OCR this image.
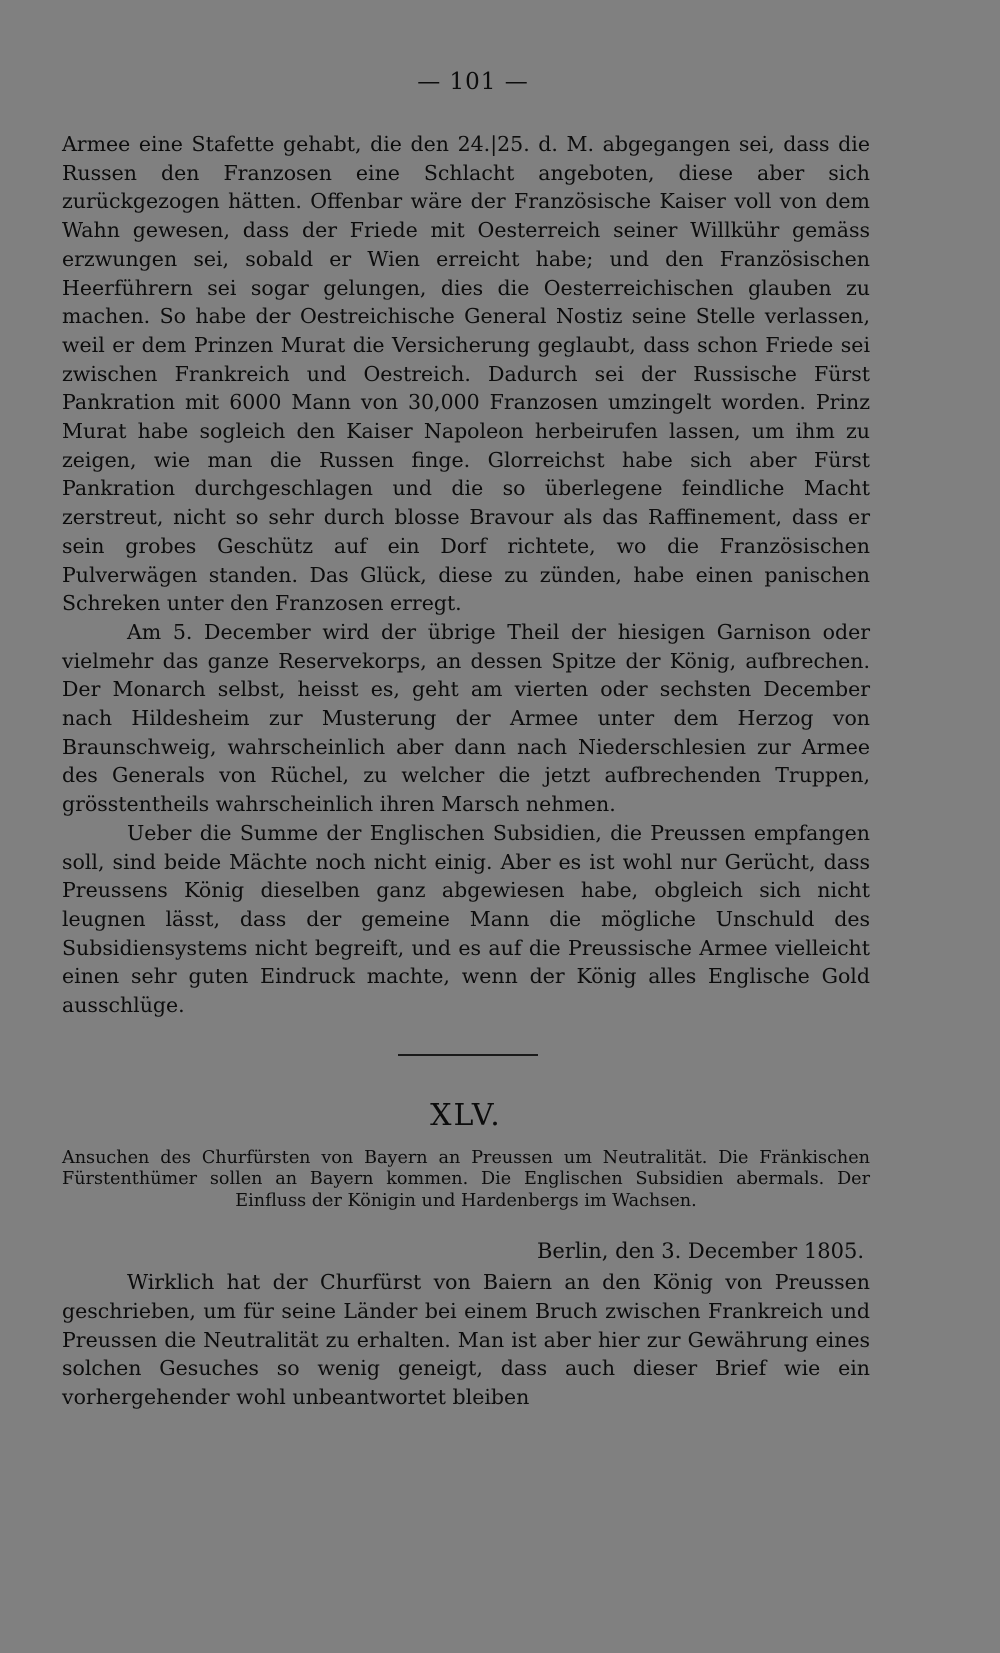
— 101 —

Armee eine Stafette gehabt, die den 24.|25. d. M. abgegangen sei, dass die Russen den Franzosen eine Schlacht angeboten, diese aber sich zurückgezogen hätten. Offenbar wäre der Französische Kaiser voll von dem Wahn gewesen, dass der Friede mit Oesterreich seiner Willkühr gemäss erzwungen sei, sobald er Wien erreicht habe; und den Französischen Heerführern sei sogar gelungen, dies die Oesterreichischen glauben zu machen. So habe der Oestreichische General Nostiz seine Stelle verlassen, weil er dem Prinzen Murat die Versicherung geglaubt, dass schon Friede sei zwischen Frankreich und Oestreich. Dadurch sei der Russische Fürst Pankration mit 6000 Mann von 30,000 Franzosen umzingelt worden. Prinz Murat habe sogleich den Kaiser Napoleon herbeirufen lassen, um ihm zu zeigen, wie man die Russen finge. Glorreichst habe sich aber Fürst Pankration durchgeschlagen und die so überlegene feindliche Macht zerstreut, nicht so sehr durch blosse Bravour als das Raffinement, dass er sein grobes Geschütz auf ein Dorf richtete, wo die Französischen Pulverwägen standen. Das Glück, diese zu zünden, habe einen panischen Schreken unter den Franzosen erregt.

Am 5. December wird der übrige Theil der hiesigen Garnison oder vielmehr das ganze Reservekorps, an dessen Spitze der König, aufbrechen. Der Monarch selbst, heisst es, geht am vierten oder sechsten December nach Hildesheim zur Musterung der Armee unter dem Herzog von Braunschweig, wahrscheinlich aber dann nach Niederschlesien zur Armee des Generals von Rüchel, zu welcher die jetzt aufbrechenden Truppen, grösstentheils wahrscheinlich ihren Marsch nehmen.

Ueber die Summe der Englischen Subsidien, die Preussen empfangen soll, sind beide Mächte noch nicht einig. Aber es ist wohl nur Gerücht, dass Preussens König dieselben ganz abgewiesen habe, obgleich sich nicht leugnen lässt, dass der gemeine Mann die mögliche Unschuld des Subsidiensystems nicht begreift, und es auf die Preussische Armee vielleicht einen sehr guten Eindruck machte, wenn der König alles Englische Gold ausschlüge.

XLV.
Ansuchen des Churfürsten von Bayern an Preussen um Neutralität. Die Fränkischen Fürstenthümer sollen an Bayern kommen. Die Englischen Subsidien abermals. Der Einfluss der Königin und Hardenbergs im Wachsen.
Berlin, den 3. December 1805.

Wirklich hat der Churfürst von Baiern an den König von Preussen geschrieben, um für seine Länder bei einem Bruch zwischen Frankreich und Preussen die Neutralität zu erhalten. Man ist aber hier zur Gewährung eines solchen Gesuches so wenig geneigt, dass auch dieser Brief wie ein vorhergehender wohl unbeantwortet bleiben
